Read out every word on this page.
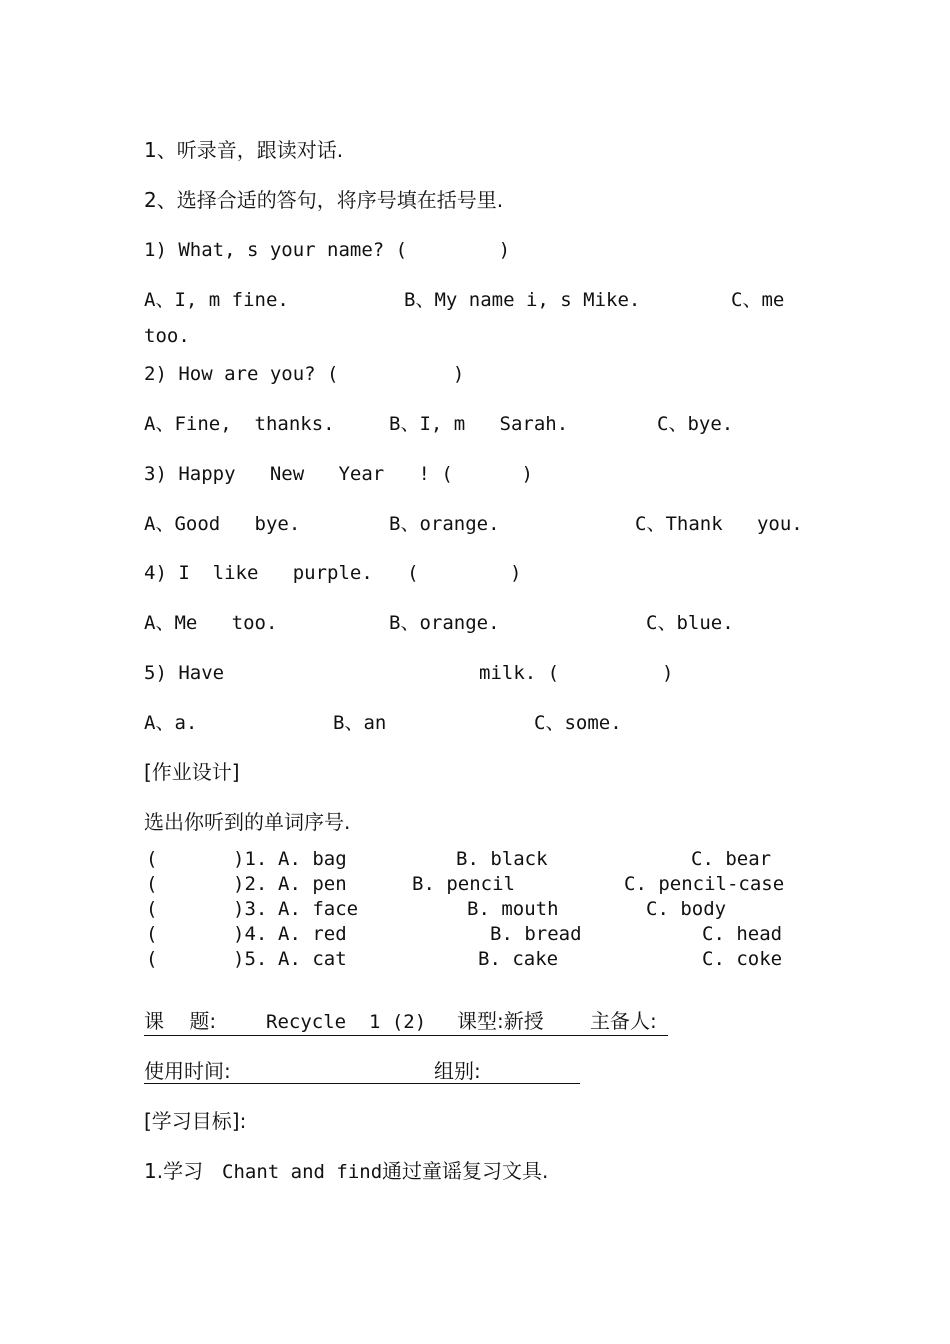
1、听录音，跟读对话.
2、选择合适的答句，将序号填在括号里.
1) What, s your name? (        )
A、I, m fine.	B、My name i, s Mike.	C、me
too.
2) How are you? (          )
A、Fine,  thanks.	B、I, m   Sarah.	C、bye.
3) Happy   New   Year   ! (      )
A、Good   bye.	B、orange.	C、Thank   you.
4) I  like   purple.   (        )
A、Me   too.	B、orange.	C、blue.
5) Have	milk. (         )
A、a.	B、an	C、some.
[作业设计]
选出你听到的单词序号.
(	)1. A. bag	B. black	C. bear
(	)2. A. pen	B. pencil	C. pencil-case
(	)3. A. face	B. mouth	C. body
(	)4. A. red	B. bread	C. head
(	)5. A. cat	B. cake	C. coke
课    题:	Recycle  1 (2) 课型:新授 主备人:
使用时间:	组别:
[学习目标]:
1.学习 Chant and find 通过童谣复习文具.
